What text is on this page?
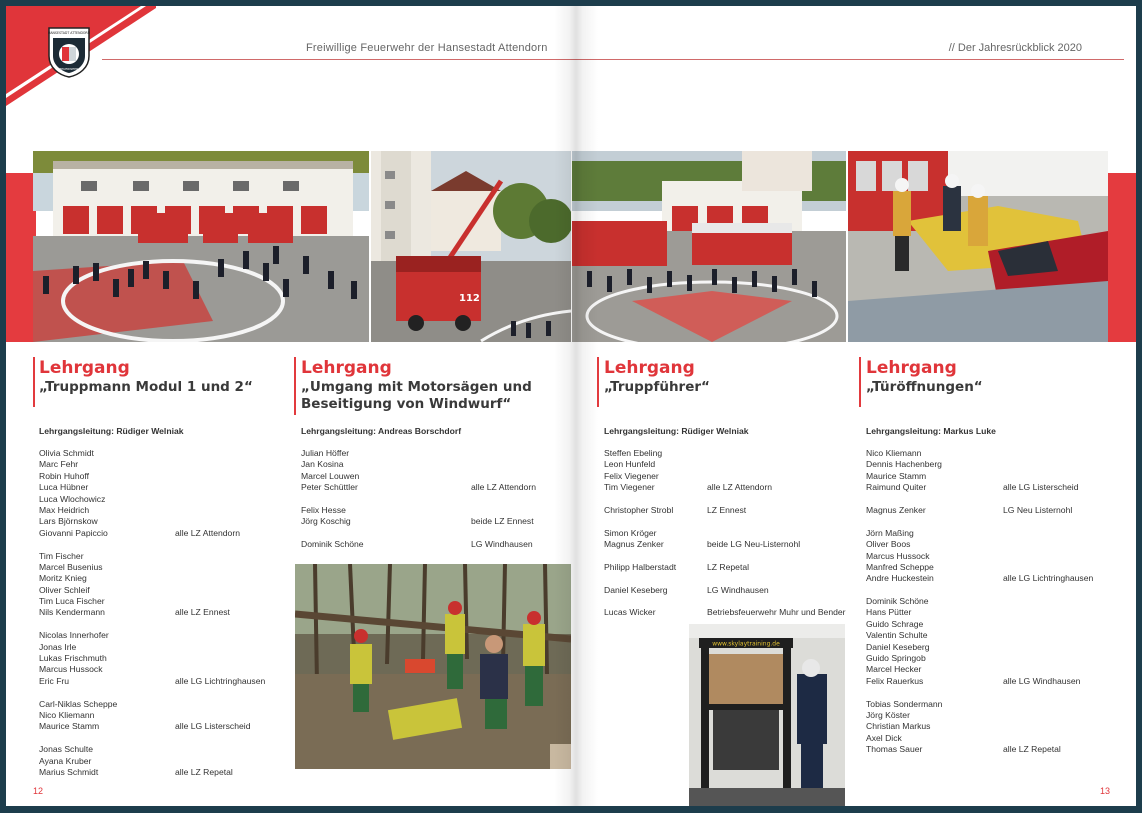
HANSESTADT ATTENDORN
FEUERWEHR
Freiwillige Feuerwehr der Hansestadt Attendorn	// Der Jahresrückblick 2020
112
Lehrgang
„Truppmann Modul 1 und 2“
Lehrgangsleitung: Rüdiger Welniak
Olivia Schmidt
Marc Fehr
Robin Huhoff
Luca Hübner
Luca Wlochowicz
Max Heidrich
Lars Björnskow
Giovanni Papiccio	alle LZ Attendorn
Tim Fischer
Marcel Busenius
Moritz Knieg
Oliver Schleif
Tim Luca Fischer
Nils Kendermann	alle LZ Ennest
Nicolas Innerhofer
Jonas Irle
Lukas Frischmuth
Marcus Hussock
Eric Fru	alle LG Lichtringhausen
Carl-Niklas Scheppe
Nico Kliemann
Maurice Stamm	alle LG Listerscheid
Jonas Schulte
Ayana Kruber
Marius Schmidt	alle LZ Repetal
Lehrgang
„Umgang mit Motorsägen und
Beseitigung von Windwurf“
Lehrgangsleitung: Andreas Borschdorf
Julian Höffer
Jan Kosina
Marcel Louwen
Peter Schüttler	alle LZ Attendorn
Felix Hesse
Jörg Koschig	beide LZ Ennest
Dominik Schöne	LG Windhausen
Lehrgang
„Truppführer“
Lehrgangsleitung: Rüdiger Welniak
Steffen Ebeling
Leon Hunfeld
Felix Viegener
Tim Viegener	alle LZ Attendorn
Christopher Strobl	LZ Ennest
Simon Kröger
Magnus Zenker	beide LG Neu-Listernohl
Philipp Halberstadt	LZ Repetal
Daniel Keseberg	LG Windhausen
Lucas Wicker	Betriebsfeuerwehr Muhr und Bender
www.skylaytraining.de
Lehrgang
„Türöffnungen“
Lehrgangsleitung: Markus Luke
Nico Kliemann
Dennis Hachenberg
Maurice Stamm
Raimund Quiter	alle LG Listerscheid
Magnus Zenker	LG Neu Listernohl
Jörn Maßing
Oliver Boos
Marcus Hussock
Manfred Scheppe
Andre Huckestein	alle LG Lichtringhausen
Dominik Schöne
Hans Pütter
Guido Schrage
Valentin Schulte
Daniel Keseberg
Guido Springob
Marcel Hecker
Felix Rauerkus	alle LG Windhausen
Tobias Sondermann
Jörg Köster
Christian Markus
Axel Dick
Thomas Sauer	alle LZ Repetal
12	13
